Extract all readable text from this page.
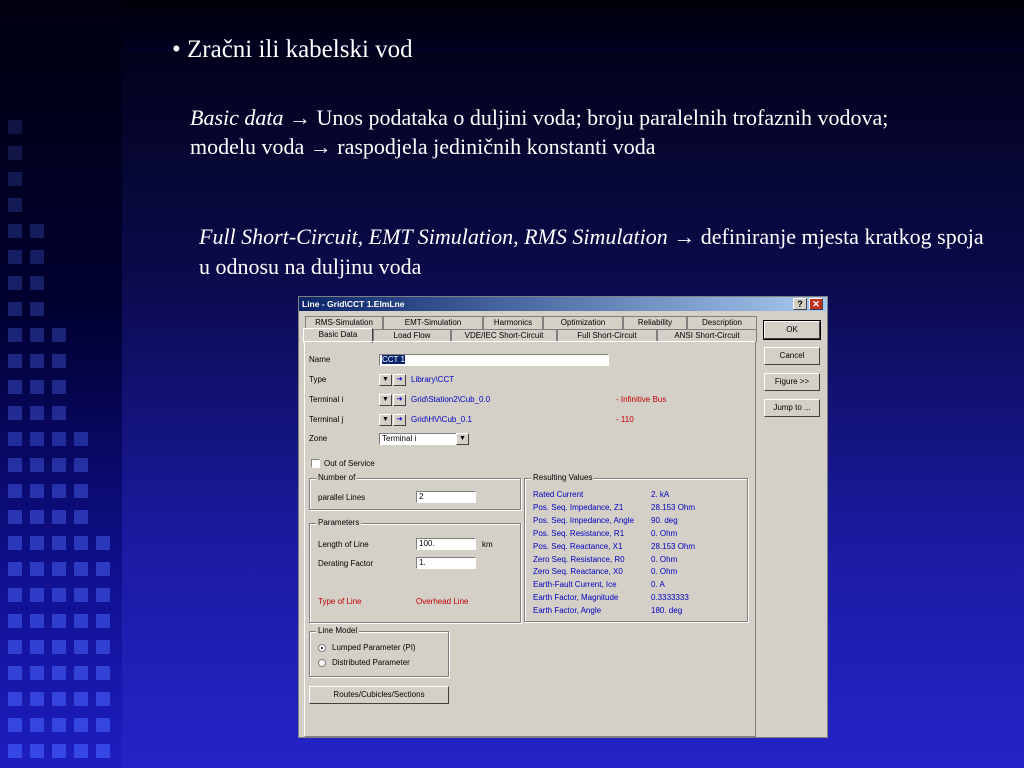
• Zračni ili kabelski vod
Basic data → Unos podataka o duljini voda; broju paralelnih trofaznih vodova; modelu voda → raspodjela jediničnih konstanti voda
Full Short-Circuit, EMT Simulation, RMS Simulation → definiranje mjesta kratkog spoja u odnosu na duljinu voda
Line - Grid\CCT 1.ElmLne	?	✕
RMS-Simulation	EMT-Simulation	Harmonics	Optimization	Reliability	Description
Basic Data	Load Flow	VDE/IEC Short-Circuit	Full Short-Circuit	ANSI Short-Circuit
OK
Cancel
Figure >>
Jump to ...
Name	CCT 1
Type	▼	➜	Library\CCT
Terminal i	▼	➜	Grid\Station2\Cub_0.0	- Infinitive Bus
Terminal j	▼	➜	Grid\HV\Cub_0.1	- 110
Zone	Terminal i	▼
Out of Service
Number of
parallel Lines	2
Parameters
Length of Line	100.	km
Derating Factor	1.
Type of Line	Overhead Line
Resulting Values
Rated Current	2. kA
Pos. Seq. Impedance, Z1	28.153 Ohm
Pos. Seq. Impedance, Angle 90. deg
Pos. Seq. Resistance, R1	0. Ohm
Pos. Seq. Reactance, X1	28.153 Ohm
Zero Seq. Resistance, R0	0. Ohm
Zero Seq. Reactance, X0	0. Ohm
Earth-Fault Current, Ice	0. A
Earth Factor, Magnitude	0.3333333
Earth Factor, Angle	180. deg
Line Model
Lumped Parameter (PI)
Distributed Parameter
Routes/Cubicles/Sections
